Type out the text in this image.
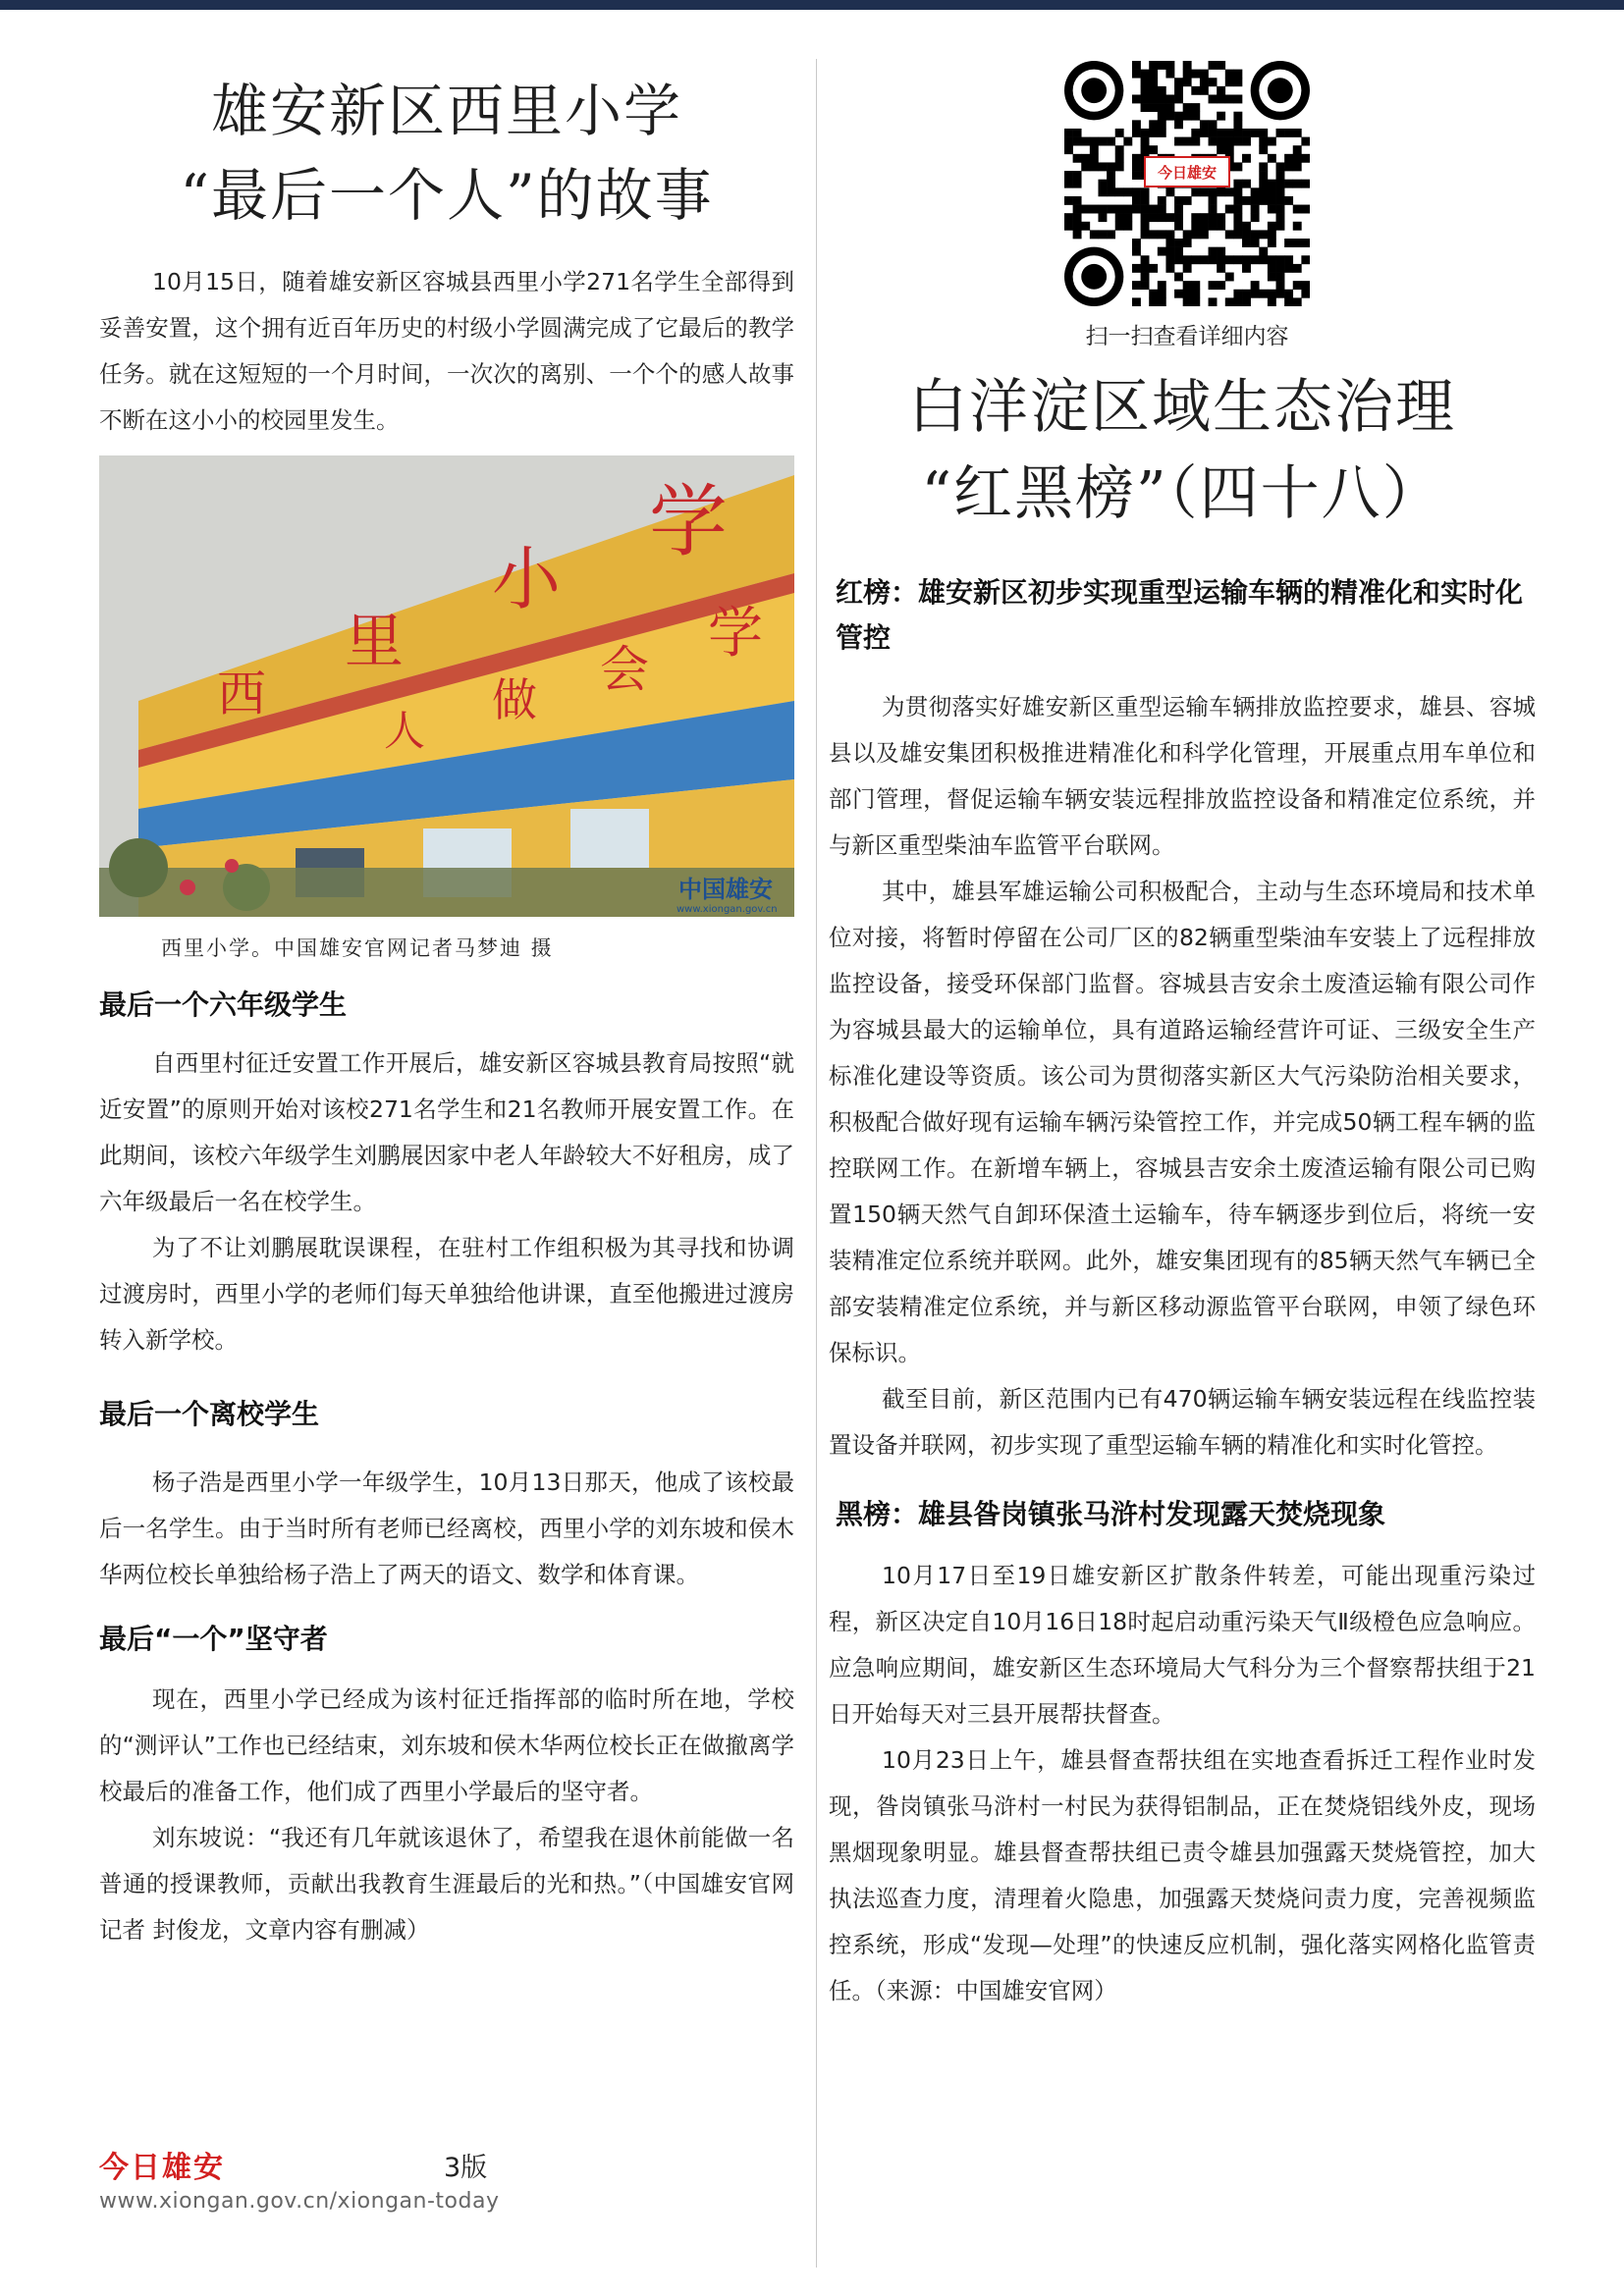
雄安新区西里小学
“最后一个人”的故事

10月15日，随着雄安新区容城县西里小学271名学生全部得到妥善安置，这个拥有近百年历史的村级小学圆满完成了它最后的教学任务。就在这短短的一个月时间，一次次的离别、一个个的感人故事不断在这小小的校园里发生。

学
小
里
西
学
会
做
人
中国雄安
www.xiongan.gov.cn
西里小学。中国雄安官网记者马梦迪 摄
最后一个六年级学生

自西里村征迁安置工作开展后，雄安新区容城县教育局按照“就近安置”的原则开始对该校271名学生和21名教师开展安置工作。在此期间，该校六年级学生刘鹏展因家中老人年龄较大不好租房，成了六年级最后一名在校学生。

为了不让刘鹏展耽误课程，在驻村工作组积极为其寻找和协调过渡房时，西里小学的老师们每天单独给他讲课，直至他搬进过渡房转入新学校。

最后一个离校学生

杨子浩是西里小学一年级学生，10月13日那天，他成了该校最后一名学生。由于当时所有老师已经离校，西里小学的刘东坡和侯木华两位校长单独给杨子浩上了两天的语文、数学和体育课。

最后“一个”坚守者

现在，西里小学已经成为该村征迁指挥部的临时所在地，学校的“测评认”工作也已经结束，刘东坡和侯木华两位校长正在做撤离学校最后的准备工作，他们成了西里小学最后的坚守者。

刘东坡说：“我还有几年就该退休了，希望我在退休前能做一名普通的授课教师，贡献出我教育生涯最后的光和热。”（中国雄安官网记者 封俊龙，文章内容有删减）

今日雄安
扫一扫查看详细内容
白洋淀区域生态治理
“红黑榜”（四十八）
红榜：雄安新区初步实现重型运输车辆的精准化和实时化管控

为贯彻落实好雄安新区重型运输车辆排放监控要求，雄县、容城县以及雄安集团积极推进精准化和科学化管理，开展重点用车单位和部门管理，督促运输车辆安装远程排放监控设备和精准定位系统，并与新区重型柴油车监管平台联网。

其中，雄县军雄运输公司积极配合，主动与生态环境局和技术单位对接，将暂时停留在公司厂区的82辆重型柴油车安装上了远程排放监控设备，接受环保部门监督。容城县吉安余土废渣运输有限公司作为容城县最大的运输单位，具有道路运输经营许可证、三级安全生产标准化建设等资质。该公司为贯彻落实新区大气污染防治相关要求，积极配合做好现有运输车辆污染管控工作，并完成50辆工程车辆的监控联网工作。在新增车辆上，容城县吉安余土废渣运输有限公司已购置150辆天然气自卸环保渣土运输车，待车辆逐步到位后，将统一安装精准定位系统并联网。此外，雄安集团现有的85辆天然气车辆已全部安装精准定位系统，并与新区移动源监管平台联网，申领了绿色环保标识。

截至目前，新区范围内已有470辆运输车辆安装远程在线监控装置设备并联网，初步实现了重型运输车辆的精准化和实时化管控。

黑榜：雄县昝岗镇张马浒村发现露天焚烧现象

10月17日至19日雄安新区扩散条件转差，可能出现重污染过程，新区决定自10月16日18时起启动重污染天气Ⅱ级橙色应急响应。应急响应期间，雄安新区生态环境局大气科分为三个督察帮扶组于21日开始每天对三县开展帮扶督查。

10月23日上午，雄县督查帮扶组在实地查看拆迁工程作业时发现，昝岗镇张马浒村一村民为获得铝制品，正在焚烧铝线外皮，现场黑烟现象明显。雄县督查帮扶组已责令雄县加强露天焚烧管控，加大执法巡查力度，清理着火隐患，加强露天焚烧问责力度，完善视频监控系统，形成“发现—处理”的快速反应机制，强化落实网格化监管责任。（来源：中国雄安官网）

今日雄安	3版
www.xiongan.gov.cn/xiongan-today
